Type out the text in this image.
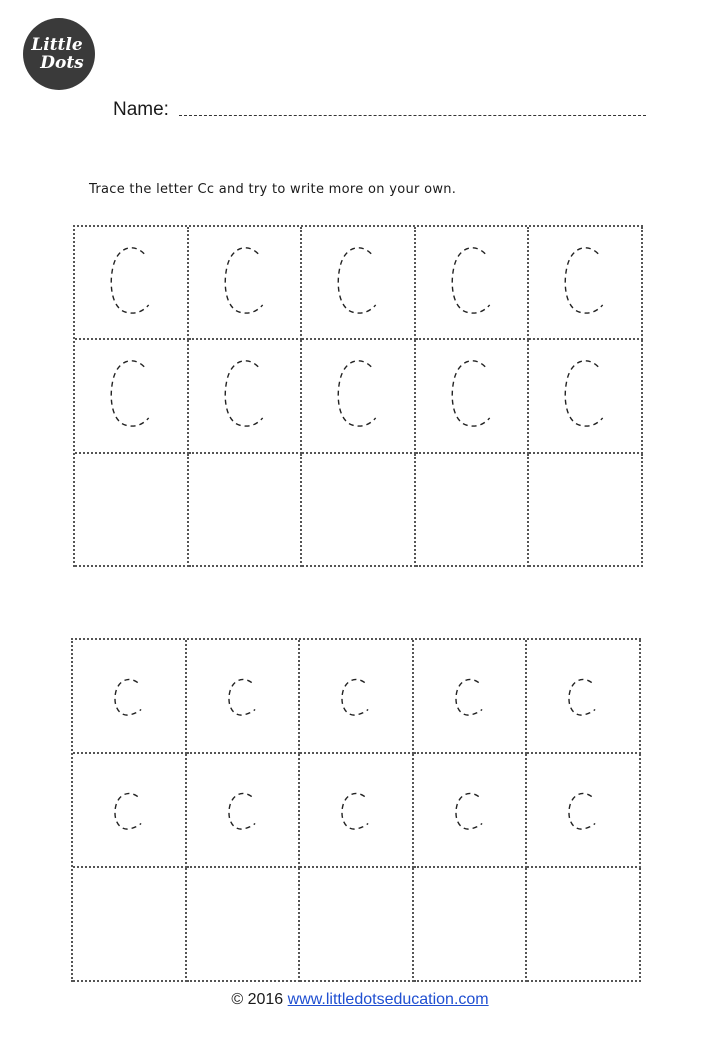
Little
Dots
Name:
Trace the letter Cc and try to write more on your own.
© 2016 www.littledotseducation.com
